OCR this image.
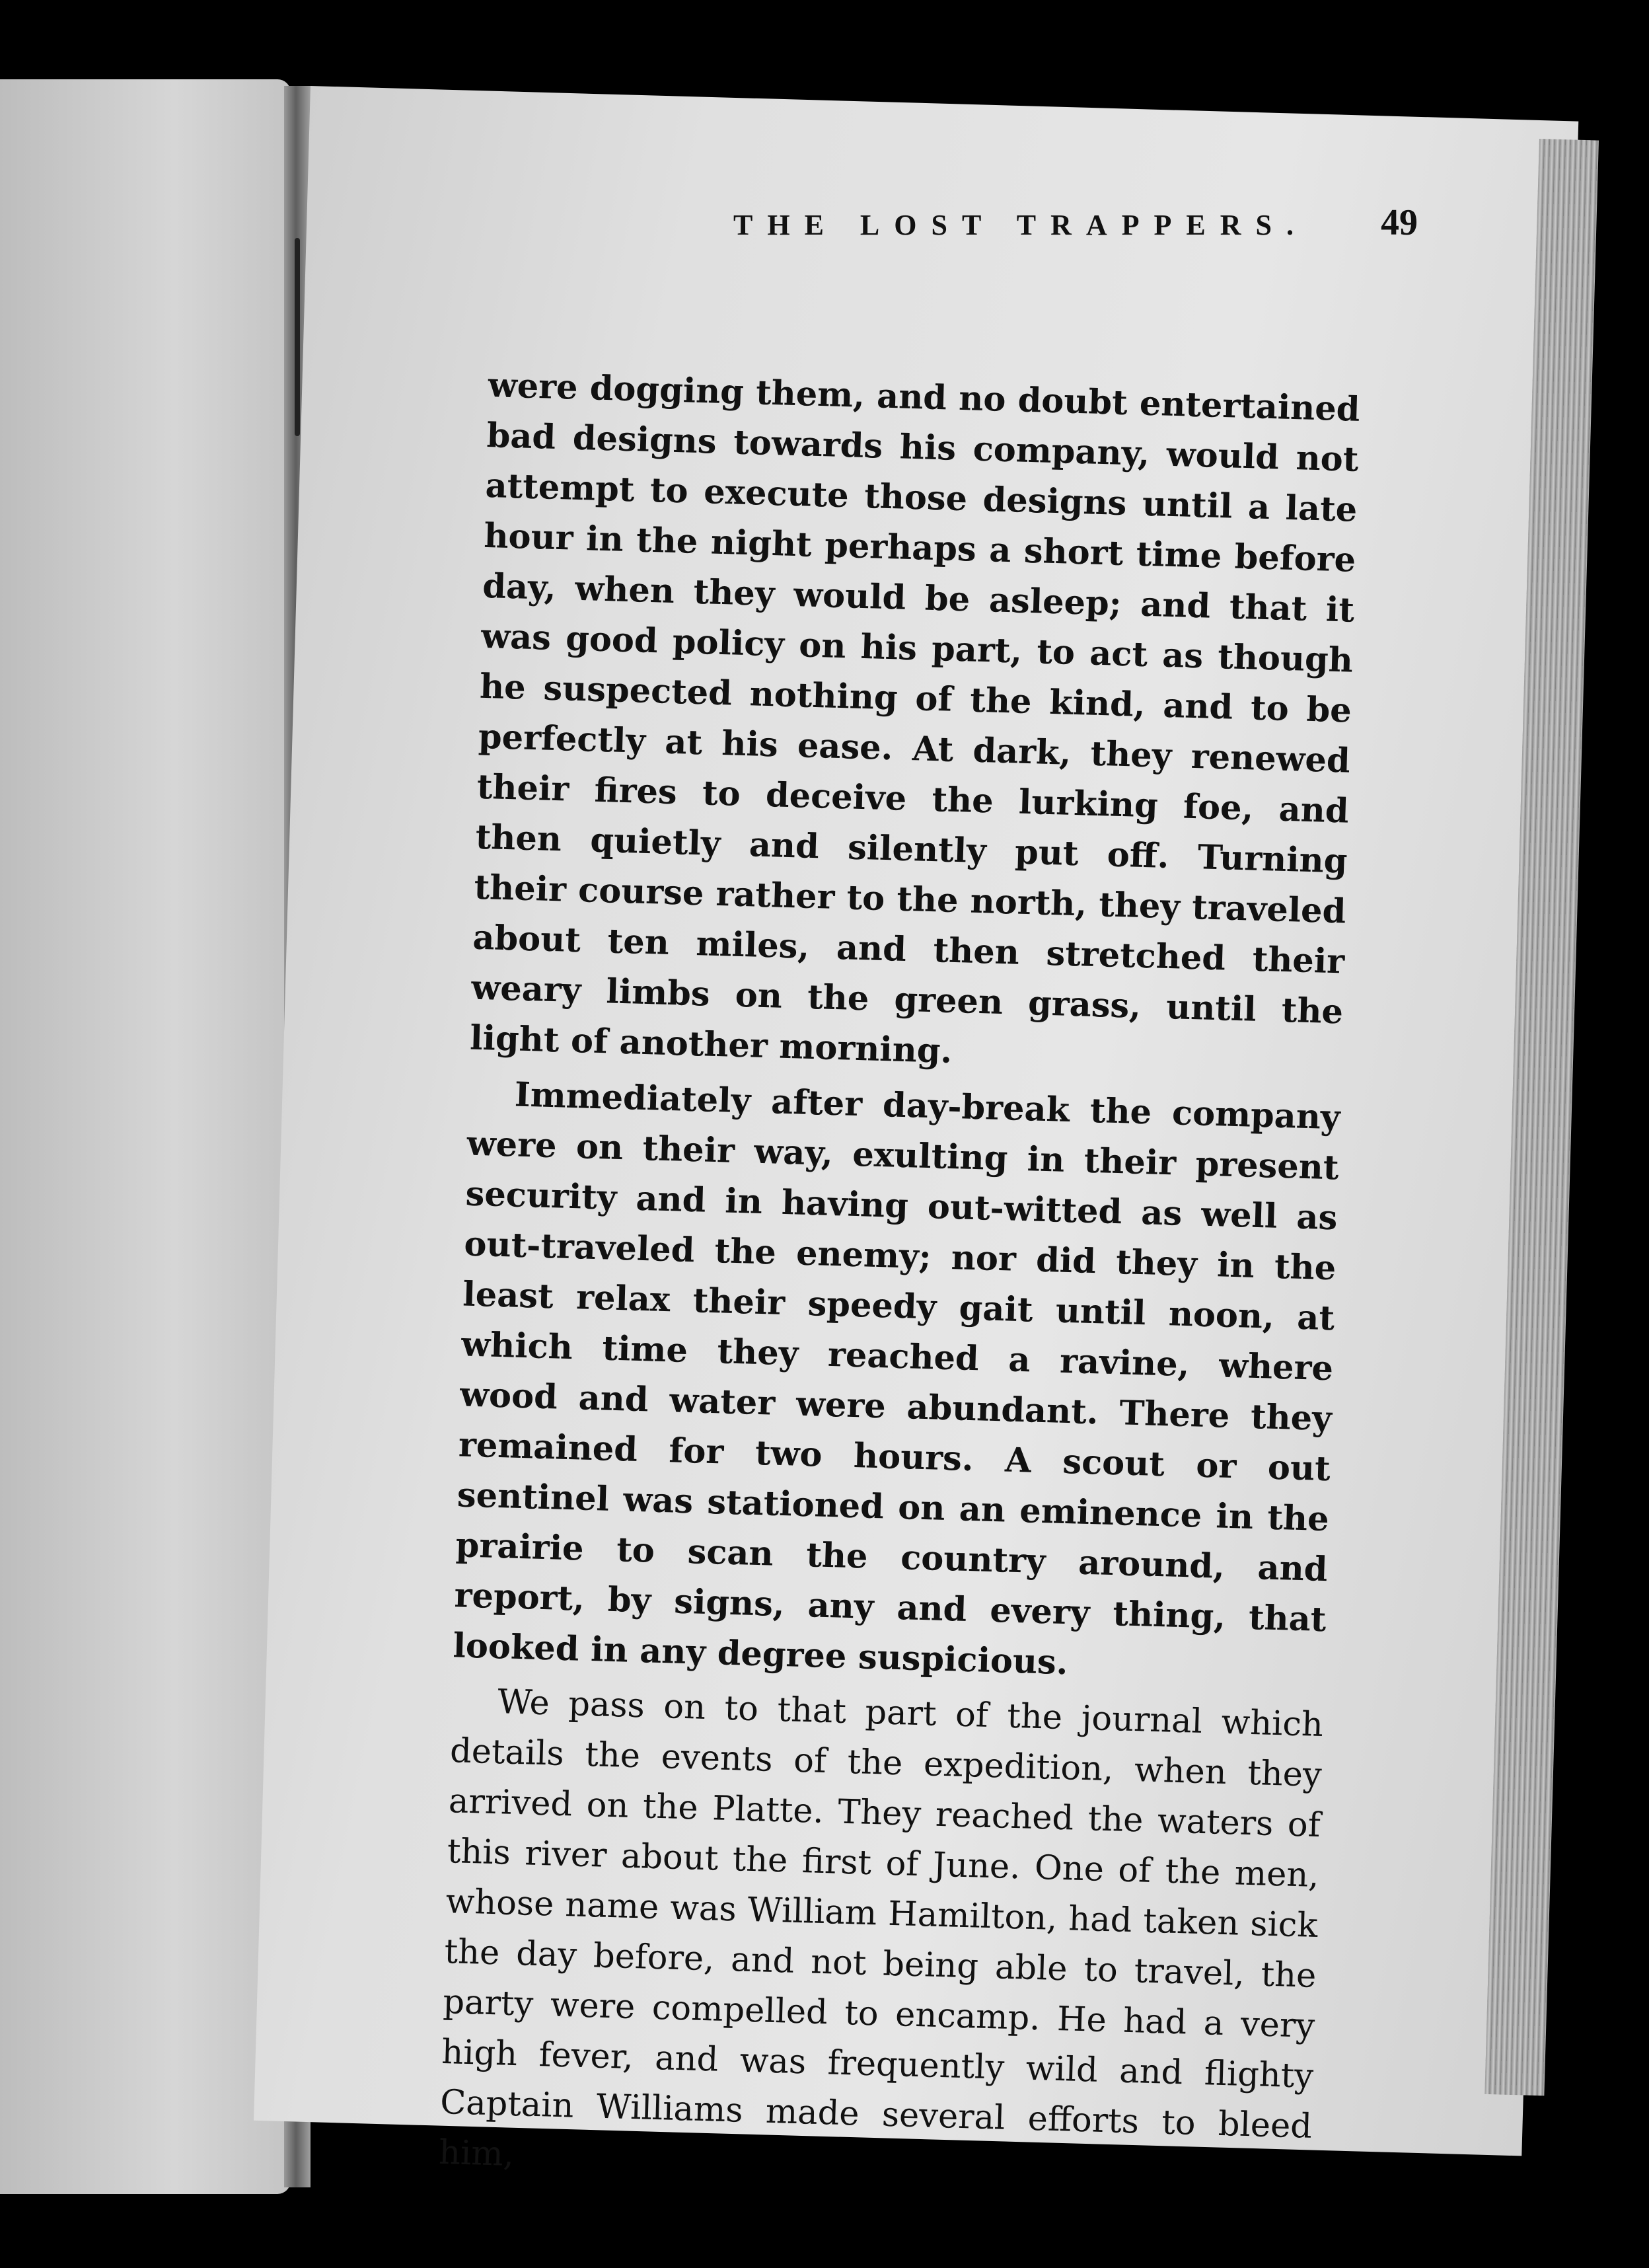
THE LOST TRAPPERS. 49

were dogging them, and no doubt entertained bad designs towards his company, would not attempt to execute those designs until a late hour in the night perhaps a short time before day, when they would be asleep; and that it was good policy on his part, to act as though he suspected nothing of the kind, and to be perfectly at his ease. At dark, they renewed their fires to deceive the lurking foe, and then quietly and silently put off. Turning their course rather to the north, they traveled about ten miles, and then stretched their weary limbs on the green grass, until the light of another morning.

Immediately after day-break the company were on their way, exulting in their present security and in having out-witted as well as out-traveled the enemy; nor did they in the least relax their speedy gait until noon, at which time they reached a ravine, where wood and water were abundant. There they remained for two hours. A scout or out sentinel was stationed on an eminence in the prairie to scan the country around, and report, by signs, any and every thing, that looked in any degree suspicious.

We pass on to that part of the journal which details the events of the expedition, when they arrived on the Platte. They reached the waters of this river about the first of June. One of the men, whose name was William Hamilton, had taken sick the day before, and not being able to travel, the party were compelled to encamp. He had a very high fever, and was frequently wild and flighty Captain Williams made several efforts to bleed him,
